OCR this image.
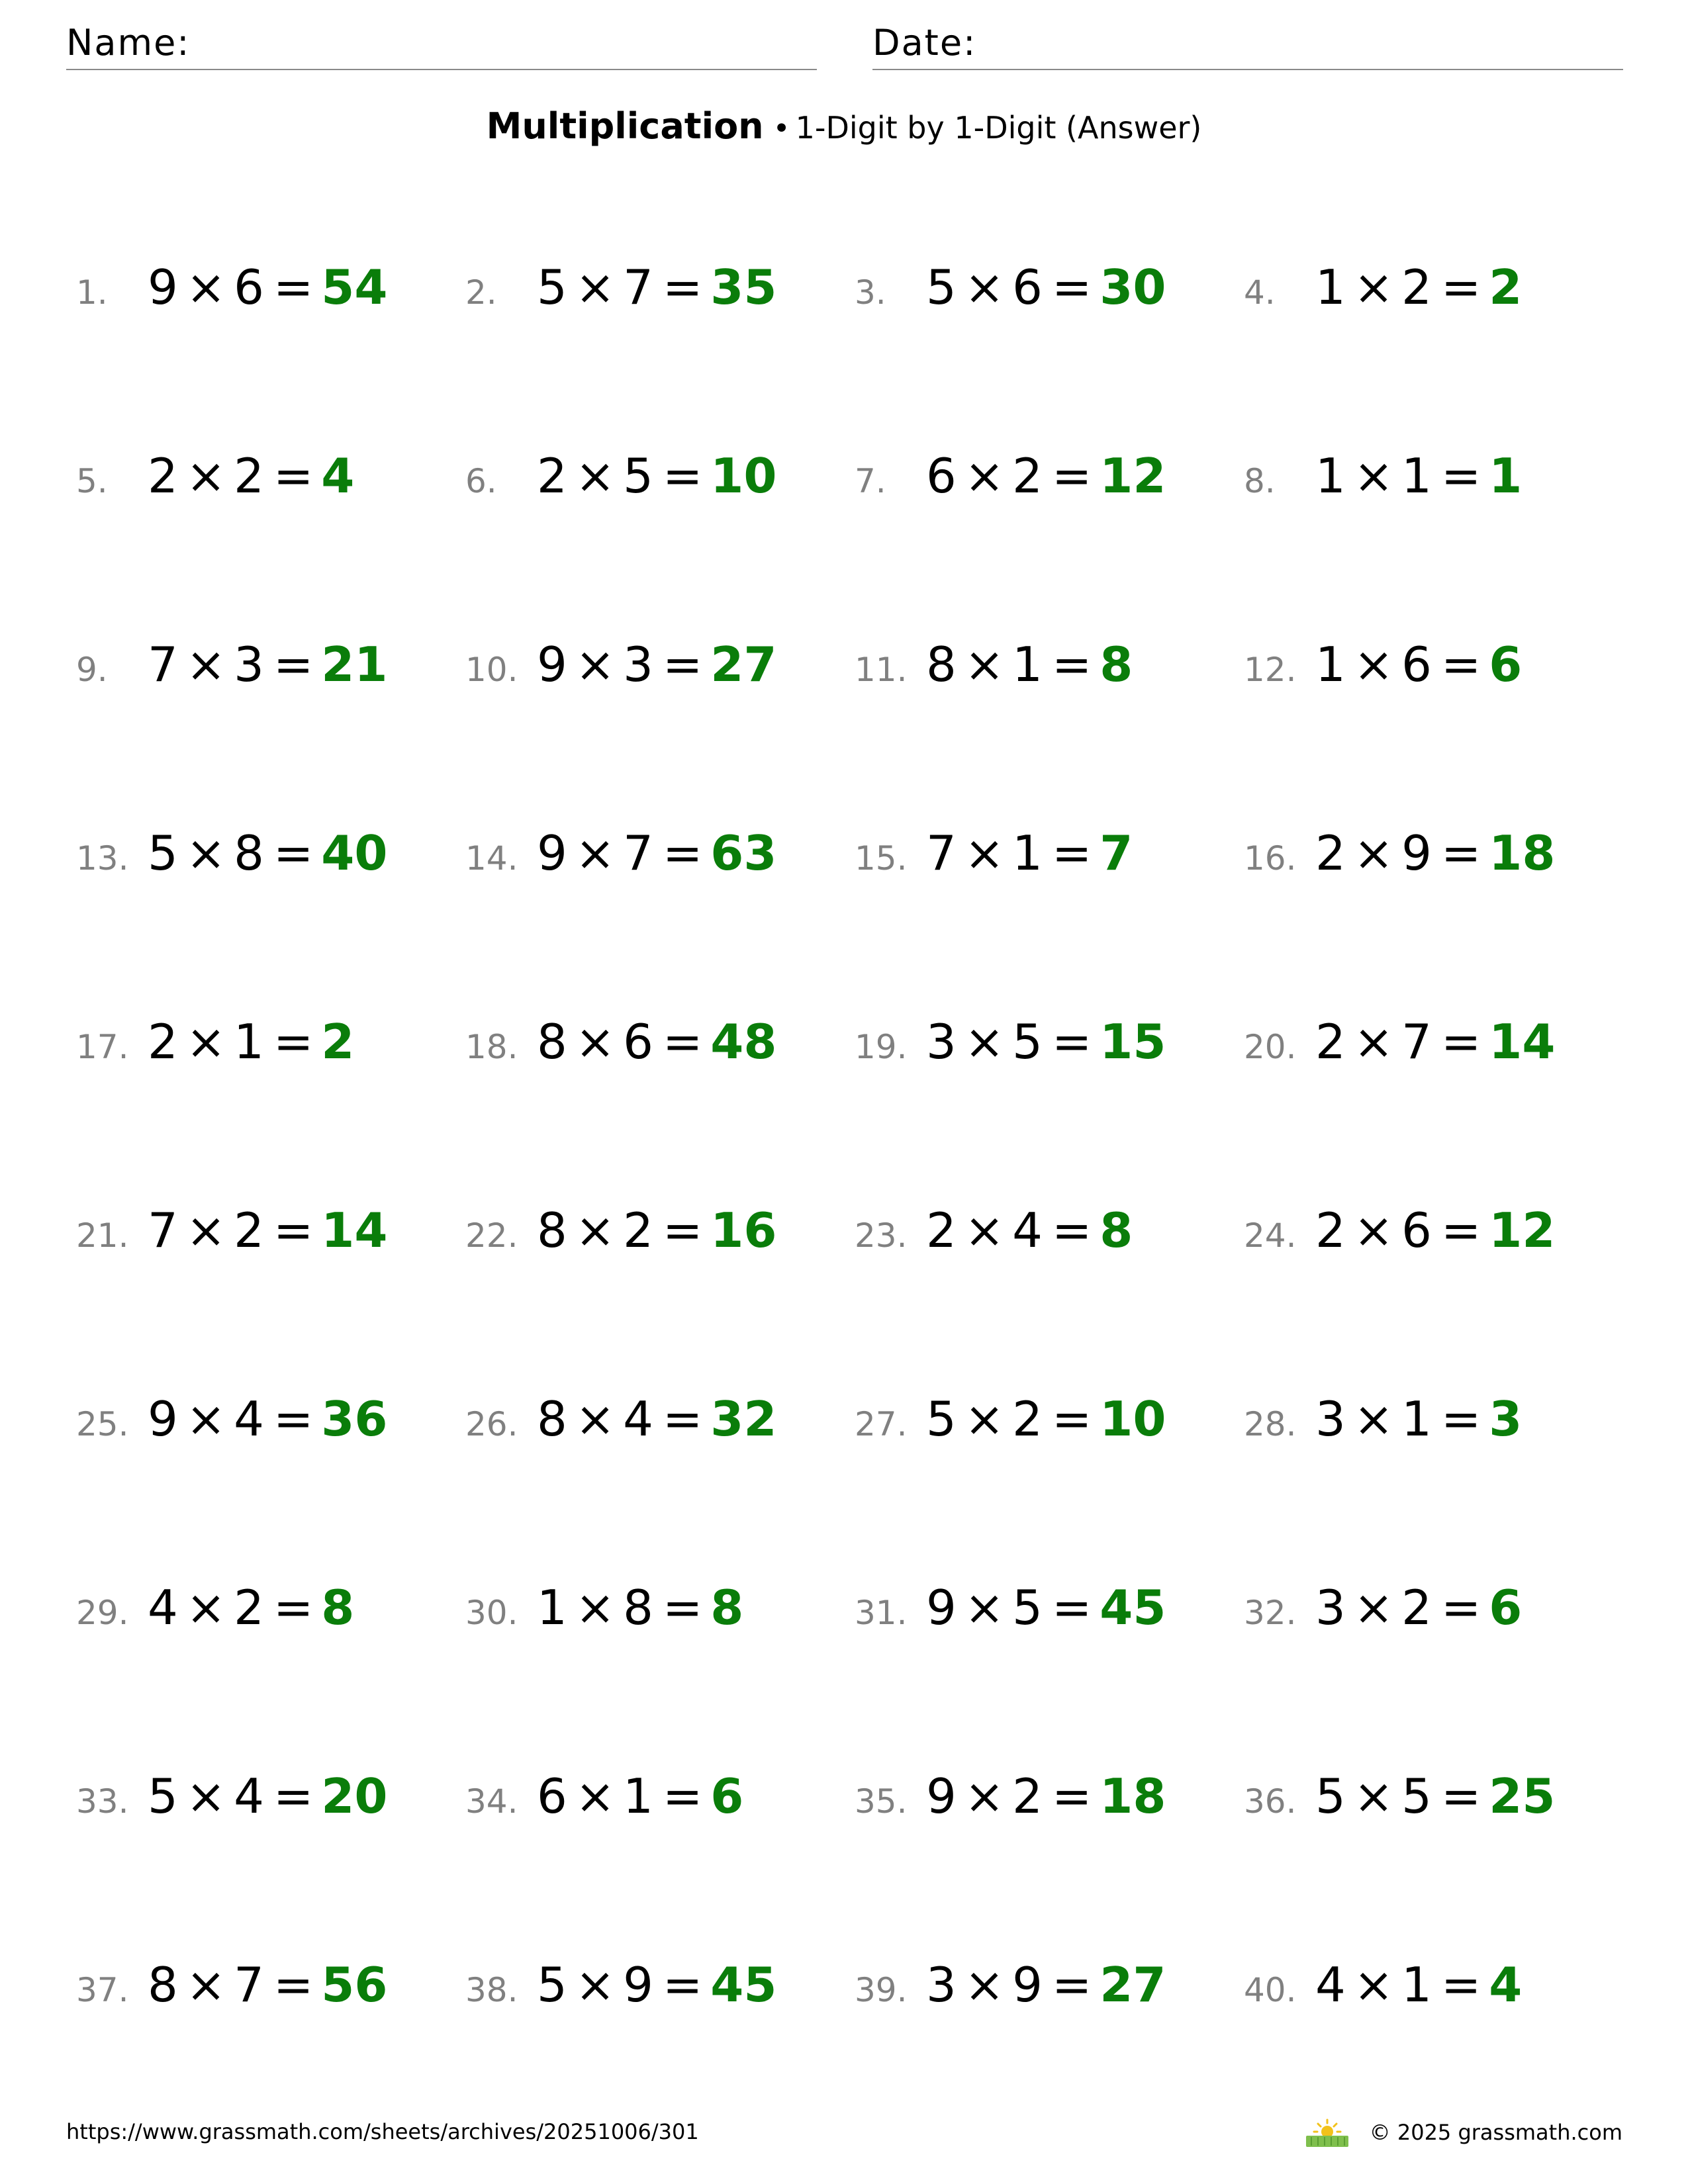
Name:	Date:
Multiplication • 1-Digit by 1-Digit (Answer)
1. 9 × 6 = 54 2. 5 × 7 = 35 3. 5 × 6 = 30 4. 1 × 2 = 2
5. 2 × 2 = 4	6. 2 × 5 = 10 7. 6 × 2 = 12 8. 1 × 1 = 1
9. 7 × 3 = 21 10. 9 × 3 = 27 11. 8 × 1 = 8	12. 1 × 6 = 6
13. 5 × 8 = 40 14. 9 × 7 = 63 15. 7 × 1 = 7	16. 2 × 9 = 18
17. 2 × 1 = 2	18. 8 × 6 = 48 19. 3 × 5 = 15 20. 2 × 7 = 14
21. 7 × 2 = 14 22. 8 × 2 = 16 23. 2 × 4 = 8	24. 2 × 6 = 12
25. 9 × 4 = 36 26. 8 × 4 = 32 27. 5 × 2 = 10 28. 3 × 1 = 3
29. 4 × 2 = 8	30. 1 × 8 = 8	31. 9 × 5 = 45 32. 3 × 2 = 6
33. 5 × 4 = 20 34. 6 × 1 = 6	35. 9 × 2 = 18 36. 5 × 5 = 25
37. 8 × 7 = 56 38. 5 × 9 = 45 39. 3 × 9 = 27 40. 4 × 1 = 4
https://www.grassmath.com/sheets/archives/20251006/301	© 2025 grassmath.com
